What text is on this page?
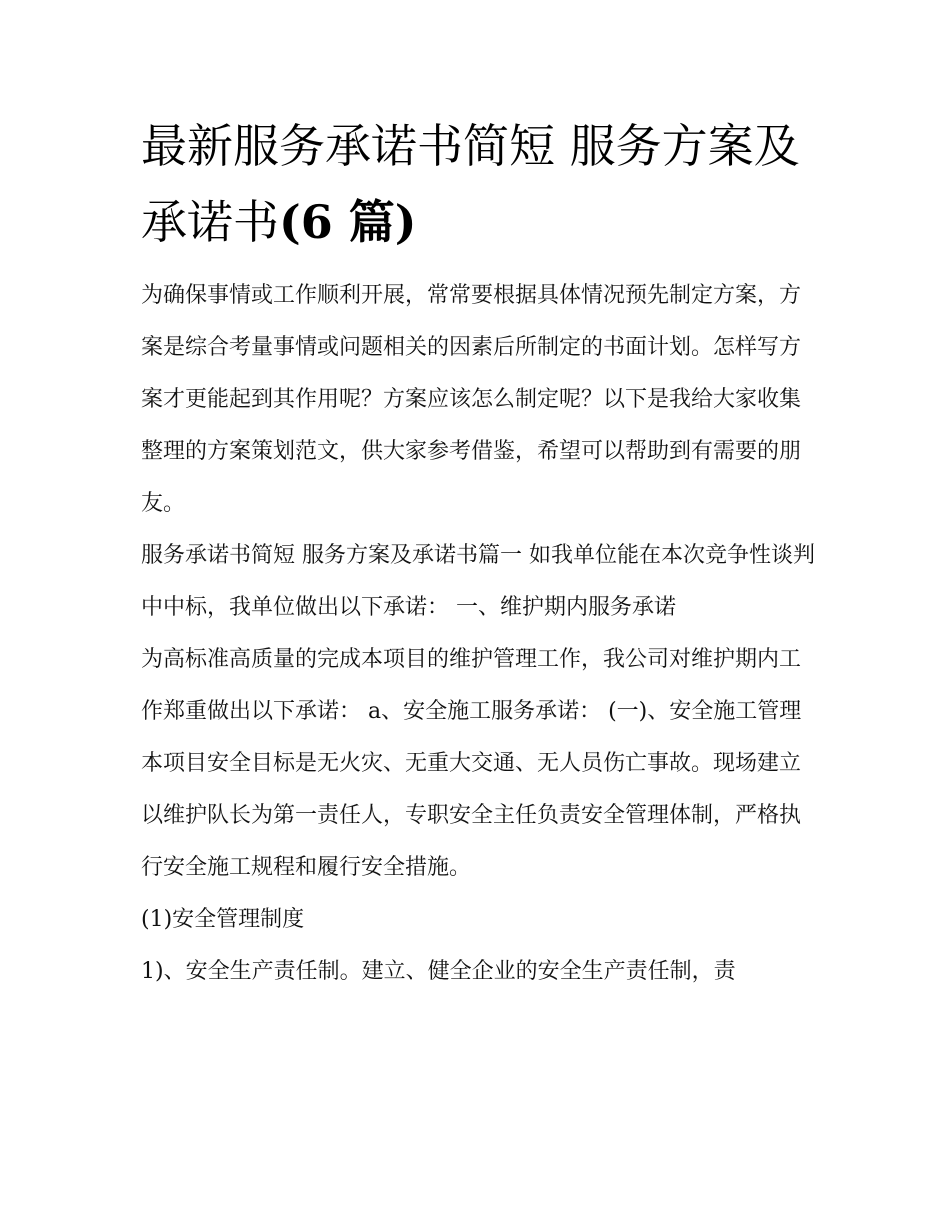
最新服务承诺书简短 服务方案及承诺书(6 篇)

为确保事情或工作顺利开展，常常要根据具体情况预先制定方案，方案是综合考量事情或问题相关的因素后所制定的书面计划。怎样写方案才更能起到其作用呢？方案应该怎么制定呢？以下是我给大家收集整理的方案策划范文，供大家参考借鉴，希望可以帮助到有需要的朋友。

服务承诺书简短 服务方案及承诺书篇一 如我单位能在本次竞争性谈判中中标，我单位做出以下承诺： 一、维护期内服务承诺

为高标准高质量的完成本项目的维护管理工作，我公司对维护期内工作郑重做出以下承诺： a、安全施工服务承诺： (一)、安全施工管理

本项目安全目标是无火灾、无重大交通、无人员伤亡事故。现场建立以维护队长为第一责任人，专职安全主任负责安全管理体制，严格执行安全施工规程和履行安全措施。

(1)安全管理制度

1)、安全生产责任制。建立、健全企业的安全生产责任制，责
